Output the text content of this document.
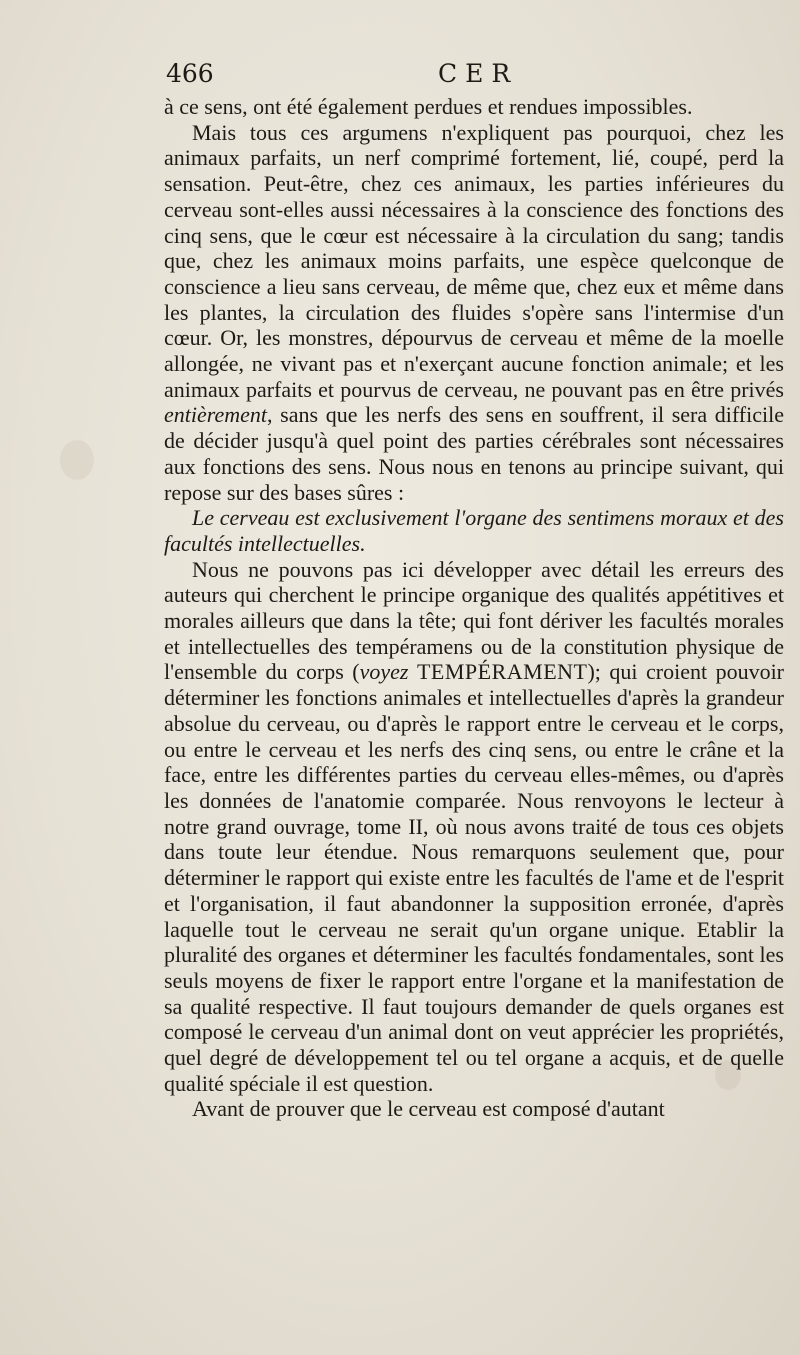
466	CER

à ce sens, ont été également perdues et rendues impossibles.

Mais tous ces argumens n'expliquent pas pourquoi, chez les animaux parfaits, un nerf comprimé fortement, lié, coupé, perd la sensation. Peut-être, chez ces animaux, les parties inférieures du cerveau sont-elles aussi nécessaires à la conscience des fonctions des cinq sens, que le cœur est nécessaire à la circulation du sang; tandis que, chez les animaux moins parfaits, une espèce quelconque de conscience a lieu sans cerveau, de même que, chez eux et même dans les plantes, la circulation des fluides s'opère sans l'intermise d'un cœur. Or, les monstres, dépourvus de cerveau et même de la moelle allongée, ne vivant pas et n'exerçant aucune fonction animale; et les animaux parfaits et pourvus de cerveau, ne pouvant pas en être privés entièrement, sans que les nerfs des sens en souffrent, il sera difficile de décider jusqu'à quel point des parties cérébrales sont nécessaires aux fonctions des sens. Nous nous en tenons au principe suivant, qui repose sur des bases sûres :

Le cerveau est exclusivement l'organe des sentimens moraux et des facultés intellectuelles.

Nous ne pouvons pas ici développer avec détail les erreurs des auteurs qui cherchent le principe organique des qualités appétitives et morales ailleurs que dans la tête; qui font dériver les facultés morales et intellectuelles des tempéramens ou de la constitution physique de l'ensemble du corps (voyez TEMPÉRAMENT); qui croient pouvoir déterminer les fonctions animales et intellectuelles d'après la grandeur absolue du cerveau, ou d'après le rapport entre le cerveau et le corps, ou entre le cerveau et les nerfs des cinq sens, ou entre le crâne et la face, entre les différentes parties du cerveau elles-mêmes, ou d'après les données de l'anatomie comparée. Nous renvoyons le lecteur à notre grand ouvrage, tome II, où nous avons traité de tous ces objets dans toute leur étendue. Nous remarquons seulement que, pour déterminer le rapport qui existe entre les facultés de l'ame et de l'esprit et l'organisation, il faut abandonner la supposition erronée, d'après laquelle tout le cerveau ne serait qu'un organe unique. Etablir la pluralité des organes et déterminer les facultés fondamentales, sont les seuls moyens de fixer le rapport entre l'organe et la manifestation de sa qualité respective. Il faut toujours demander de quels organes est composé le cerveau d'un animal dont on veut apprécier les propriétés, quel degré de développement tel ou tel organe a acquis, et de quelle qualité spéciale il est question.

Avant de prouver que le cerveau est composé d'autant
